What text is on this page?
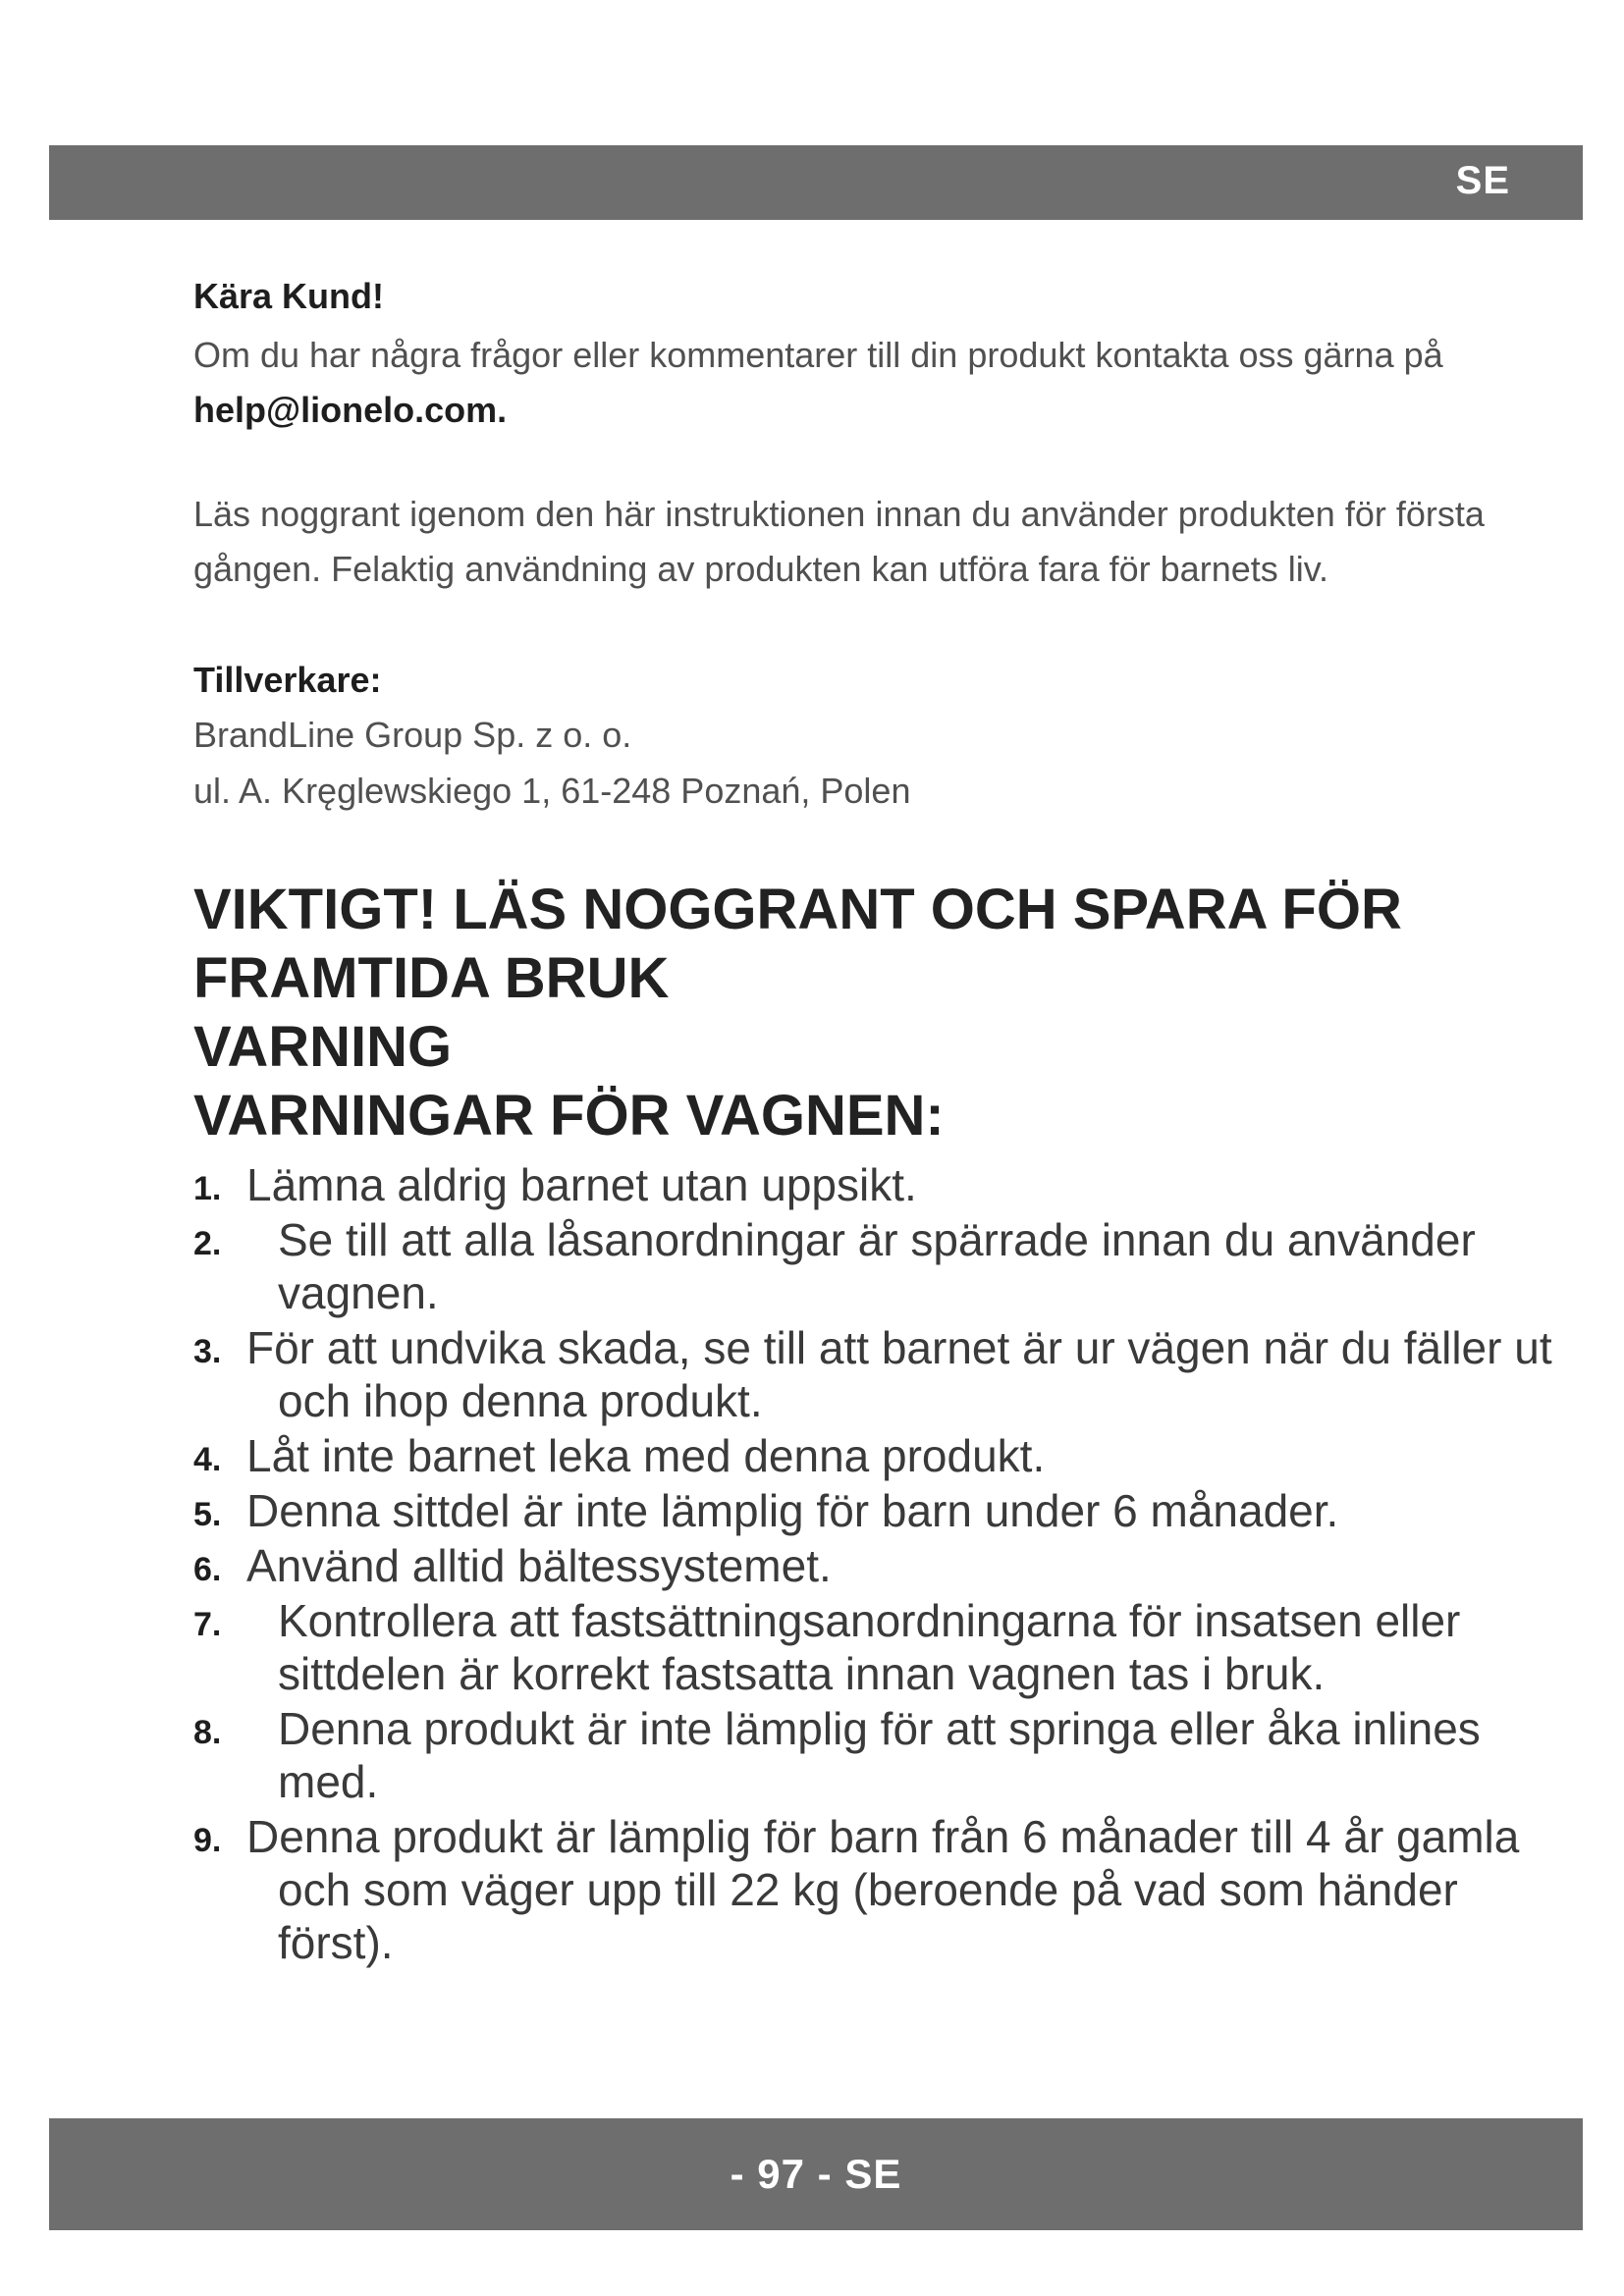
SE

Kära Kund!

Om du har några frågor eller kommentarer till din produkt kontakta oss gärna på help@lionelo.com.

Läs noggrant igenom den här instruktionen innan du använder produkten för första gången. Felaktig användning av produkten kan utföra fara för barnets liv.

Tillverkare:

BrandLine Group Sp. z o. o.

ul. A. Kręglewskiego 1, 61-248 Poznań, Polen

VIKTIGT! LÄS NOGGRANT OCH SPARA FÖR
FRAMTIDA BRUK
VARNING
VARNINGAR FÖR VAGNEN:
1. Lämna aldrig barnet utan uppsikt.
2. Se till att alla låsanordningar är spärrade innan du använder vagnen.
3. För att undvika skada, se till att barnet är ur vägen när du fäller ut och ihop denna produkt.
4. Låt inte barnet leka med denna produkt.
5. Denna sittdel är inte lämplig för barn under 6 månader.
6. Använd alltid bältessystemet.
7. Kontrollera att fastsättningsanordningarna för insatsen eller sittdelen är korrekt fastsatta innan vagnen tas i bruk.
8. Denna produkt är inte lämplig för att springa eller åka inlines med.
9. Denna produkt är lämplig för barn från 6 månader till 4 år gamla och som väger upp till 22 kg (beroende på vad som händer först).
- 97 - SE
